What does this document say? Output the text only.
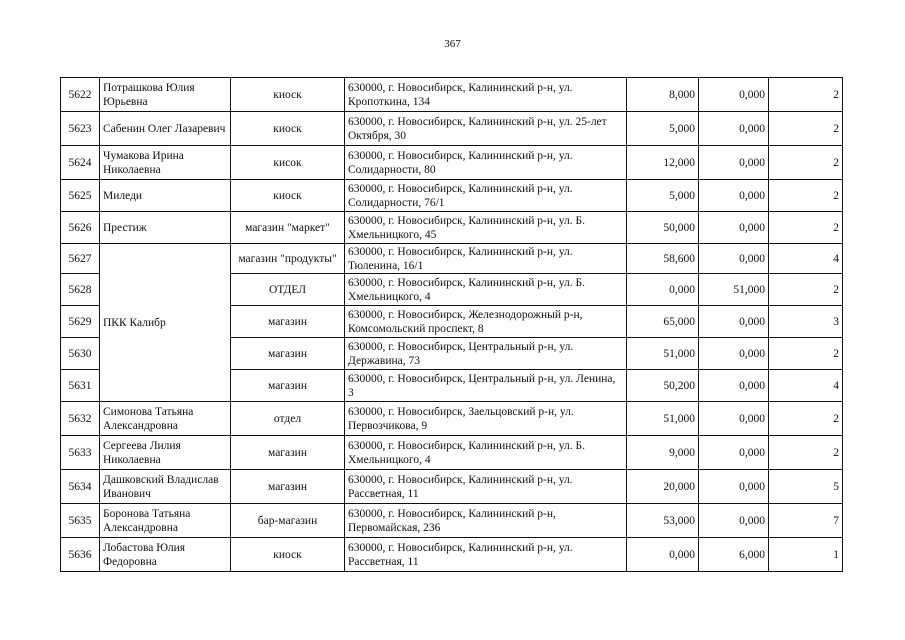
367
5622	Потрашкова Юлия Юрьевна	киоск	630000, г. Новосибирск, Калининский р-н, ул. Кропоткина, 134	8,000	0,000	2
5623	Сабенин Олег Лазаревич	киоск	630000, г. Новосибирск, Калининский р-н, ул. 25-лет Октября, 30	5,000	0,000	2
5624	Чумакова Ирина Николаевна	кисок	630000, г. Новосибирск, Калининский р-н, ул. Солидарности, 80	12,000	0,000	2
5625	Миледи	киоск	630000, г. Новосибирск, Калининский р-н, ул. Солидарности, 76/1	5,000	0,000	2
5626	Престиж	магазин "маркет"	630000, г. Новосибирск, Калининский р-н, ул. Б. Хмельницкого, 45	50,000	0,000	2
5627	ПКК Калибр	магазин "продукты"	630000, г. Новосибирск, Калининский р-н, ул. Тюленина, 16/1	58,600	0,000	4
5628		ОТДЕЛ	630000, г. Новосибирск, Калининский р-н, ул. Б. Хмельницкого, 4	0,000	51,000	2
5629		магазин	630000, г. Новосибирск, Железнодорожный р-н, Комсомольский проспект, 8	65,000	0,000	3
5630		магазин	630000, г. Новосибирск, Центральный р-н, ул. Державина, 73	51,000	0,000	2
5631		магазин	630000, г. Новосибирск, Центральный р-н, ул. Ленина, 3	50,200	0,000	4
5632	Симонова Татьяна Александровна	отдел	630000, г. Новосибирск, Заельцовский р-н, ул. Первозчикова, 9	51,000	0,000	2
5633	Сергеева Лилия Николаевна	магазин	630000, г. Новосибирск, Калининский р-н, ул. Б. Хмельницкого, 4	9,000	0,000	2
5634	Дашковский Владислав Иванович	магазин	630000, г. Новосибирск, Калининский р-н, ул. Рассветная, 11	20,000	0,000	5
5635	Боронова Татьяна Александровна	бар-магазин	630000, г. Новосибирск, Калининский р-н, Первомайская, 236	53,000	0,000	7
5636	Лобастова Юлия Федоровна	киоск	630000, г. Новосибирск, Калининский р-н, ул. Рассветная, 11	0,000	6,000	1
